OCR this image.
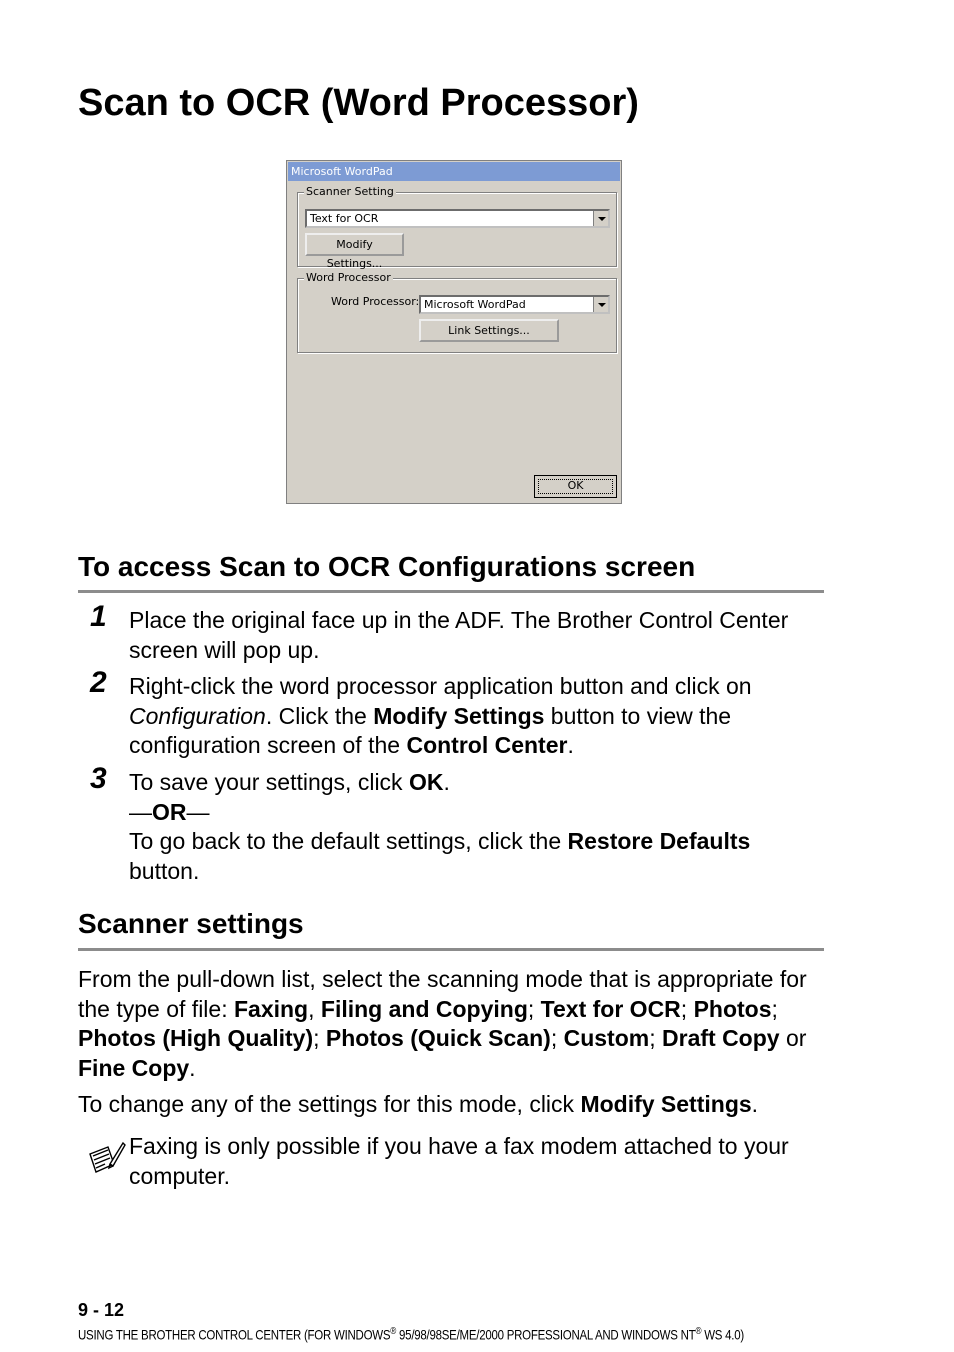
Scan to OCR (Word Processor)
Microsoft WordPad
Scanner Setting
Text for OCR
Modify Settings...
Word Processor
Word Processor: Microsoft WordPad
Link Settings...
OK
To access Scan to OCR Configurations screen
1 Place the original face up in the ADF. The Brother Control Center screen will pop up.

2 Right-click the word processor application button and click on Configuration. Click the Modify Settings button to view the configuration screen of the Control Center.

3 To save your settings, click OK.
—OR—
To go back to the default settings, click the Restore Defaults button.
Scanner settings

From the pull-down list, select the scanning mode that is appropriate for the type of file: Faxing, Filing and Copying; Text for OCR; Photos; Photos (High Quality); Photos (Quick Scan); Custom; Draft Copy or Fine Copy.

To change any of the settings for this mode, click Modify Settings.

Faxing is only possible if you have a fax modem attached to your computer.

9 - 12 USING THE BROTHER CONTROL CENTER (FOR WINDOWS® 95/98/98SE/ME/2000 PROFESSIONAL AND WINDOWS NT® WS 4.0)
